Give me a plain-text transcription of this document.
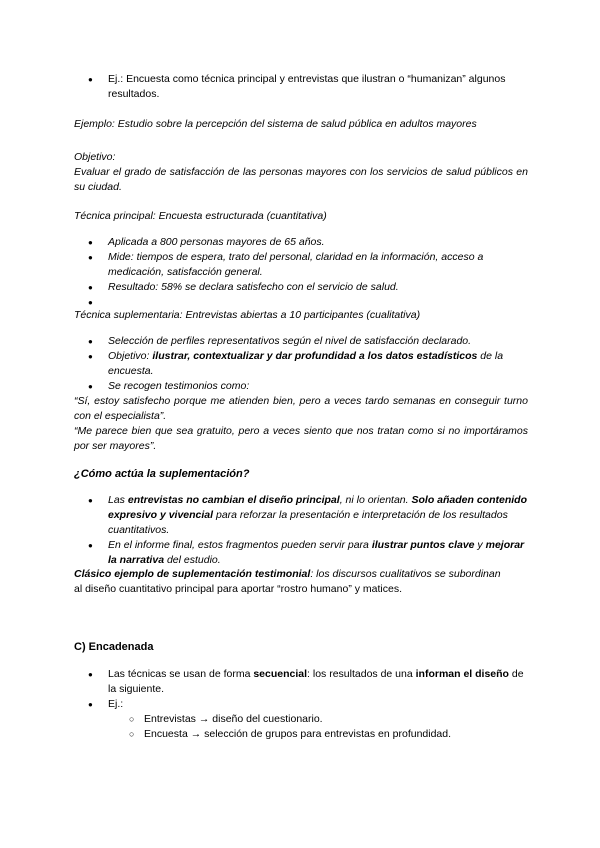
● Ej.: Encuesta como técnica principal y entrevistas que ilustran o “humanizan” algunos resultados.
Ejemplo: Estudio sobre la percepción del sistema de salud pública en adultos mayores
Objetivo:
Evaluar el grado de satisfacción de las personas mayores con los servicios de salud públicos en su ciudad.
Técnica principal: Encuesta estructurada (cuantitativa)
● Aplicada a 800 personas mayores de 65 años.
● Mide: tiempos de espera, trato del personal, claridad en la información, acceso a medicación, satisfacción general.
● Resultado: 58% se declara satisfecho con el servicio de salud.
●
Técnica suplementaria: Entrevistas abiertas a 10 participantes (cualitativa)
● Selección de perfiles representativos según el nivel de satisfacción declarado.
● Objetivo: ilustrar, contextualizar y dar profundidad a los datos estadísticos de la encuesta.
● Se recogen testimonios como:
“Sí, estoy satisfecho porque me atienden bien, pero a veces tardo semanas en conseguir turno con el especialista”.
“Me parece bien que sea gratuito, pero a veces siento que nos tratan como si no importáramos por ser mayores”.
¿Cómo actúa la suplementación?
● Las entrevistas no cambian el diseño principal, ni lo orientan. Solo añaden contenido expresivo y vivencial para reforzar la presentación e interpretación de los resultados cuantitativos.
● En el informe final, estos fragmentos pueden servir para ilustrar puntos clave y mejorar la narrativa del estudio.
Clásico ejemplo de suplementación testimonial: los discursos cualitativos se subordinan
al diseño cuantitativo principal para aportar “rostro humano” y matices.
C) Encadenada
● Las técnicas se usan de forma secuencial: los resultados de una informan el diseño de la siguiente.
● Ej.:
○ Entrevistas → diseño del cuestionario.
○ Encuesta → selección de grupos para entrevistas en profundidad.
